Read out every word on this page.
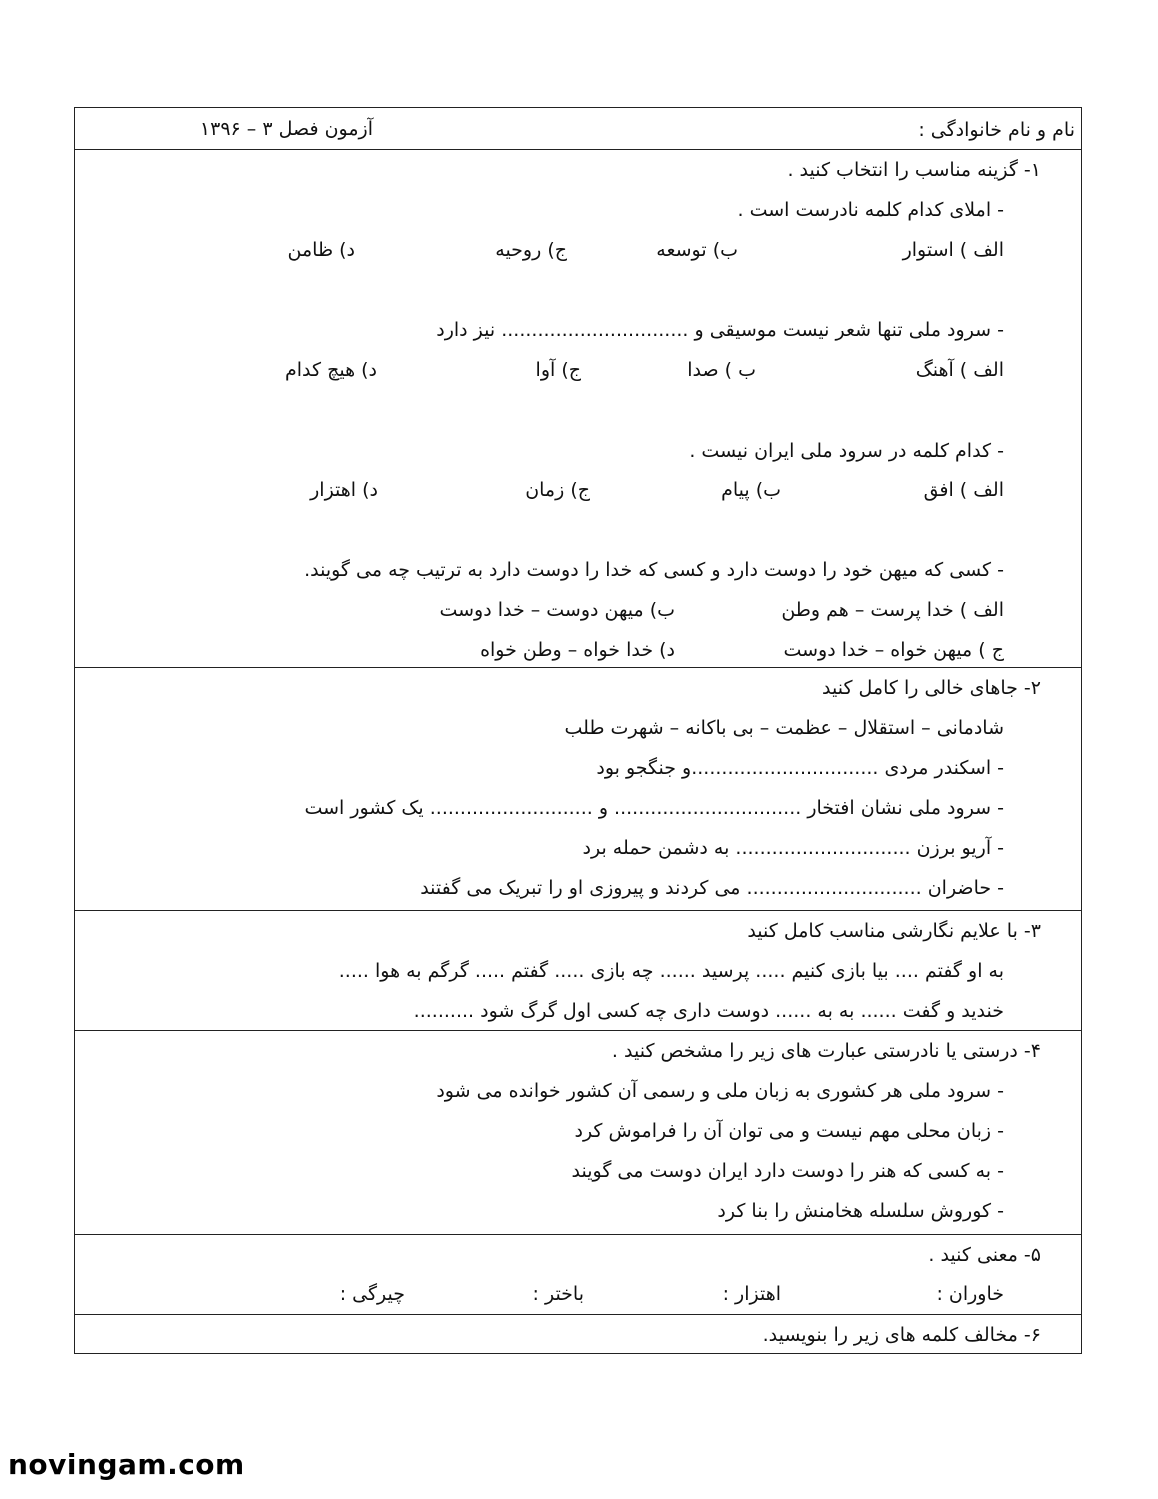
نام و نام خانوادگی :
آزمون فصل ۳ – ۱۳۹۶
۱- گزینه مناسب را انتخاب کنید .
- املای کدام کلمه نادرست است .
الف ) استوار
ب) توسعه
ج) روحیه
د) ظامن
- سرود ملی تنها شعر نیست موسیقی و ............................... نیز دارد
الف ) آهنگ
ب ) صدا
ج) آوا
د) هیچ کدام
- کدام کلمه در سرود ملی ایران نیست .
الف ) افق
ب) پیام
ج) زمان
د) اهتزار
- کسی که میهن خود را دوست دارد و کسی که خدا را دوست دارد به ترتیب چه می گویند.
الف ) خدا پرست – هم وطن
ب) میهن دوست – خدا دوست
ج ) میهن خواه – خدا دوست
د) خدا خواه – وطن خواه
۲- جاهای خالی را کامل کنید
شادمانی – استقلال – عظمت – بی باکانه – شهرت طلب
- اسکندر مردی ...............................و جنگجو بود
- سرود ملی نشان افتخار ............................... و ........................... یک کشور است
- آریو برزن ............................. به دشمن حمله برد
- حاضران ............................. می کردند و پیروزی او را تبریک می گفتند
۳- با علایم نگارشی مناسب کامل کنید
به او گفتم .... بیا بازی کنیم ..... پرسید ...... چه بازی ..... گفتم ..... گرگم به هوا .....
خندید و گفت ...... به به ...... دوست داری چه کسی اول گرگ شود ..........
۴- درستی یا نادرستی عبارت های زیر را مشخص کنید .
- سرود ملی هر کشوری به زبان ملی و رسمی آن کشور خوانده می شود
- زبان محلی مهم نیست و می توان آن را فراموش کرد
- به کسی که هنر را دوست دارد ایران دوست می گویند
- کوروش سلسله هخامنش را بنا کرد
۵- معنی کنید .
خاوران :
اهتزار :
باختر :
چیرگی :
۶- مخالف کلمه های زیر را بنویسید.
novingam.com
